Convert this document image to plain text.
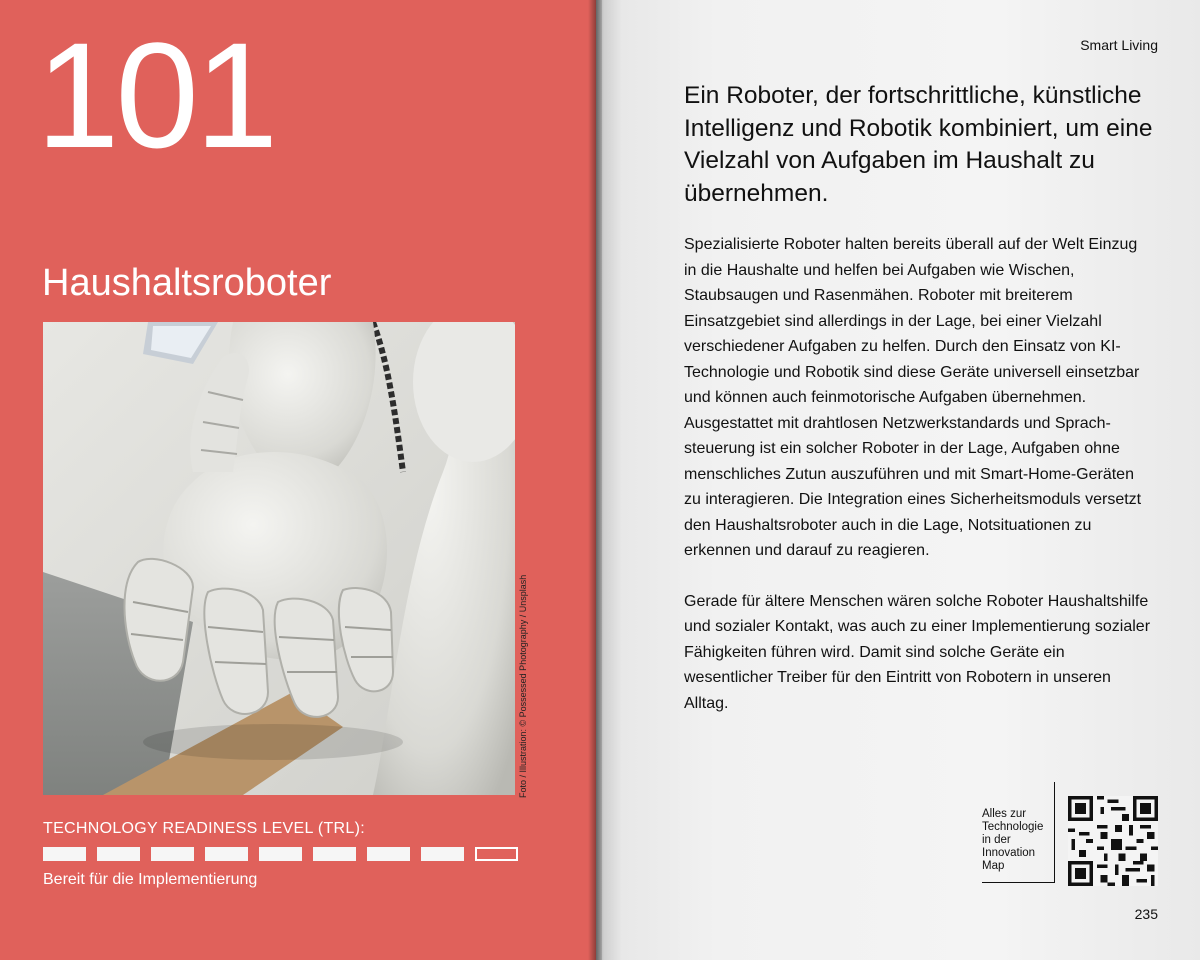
101
Haushaltsroboter
Foto / Illustration: © Possessed Photography / Unsplash
TECHNOLOGY READINESS LEVEL (TRL):
Bereit für die Implementierung
Smart Living
Ein Roboter, der fortschrittliche, künstliche Intelligenz und Robotik kombiniert, um eine Vielzahl von Aufgaben im Haushalt zu übernehmen.

Spezialisierte Roboter halten bereits überall auf der Welt Einzug in die Haushalte und helfen bei Aufgaben wie Wischen, Staubsaugen und Rasenmähen. Roboter mit breiterem Einsatzgebiet sind allerdings in der Lage, bei einer Vielzahl verschiedener Aufgaben zu helfen. Durch den Einsatz von KI-Technologie und Robotik sind diese Geräte universell einsetzbar und können auch feinmotorische Aufgaben übernehmen. Ausgestattet mit drahtlosen Netzwerkstandards und Sprach-steuerung ist ein solcher Roboter in der Lage, Aufgaben ohne menschliches Zutun auszuführen und mit Smart-Home-Geräten zu interagieren. Die Integration eines Sicherheitsmoduls versetzt den Haushaltsroboter auch in die Lage, Notsituationen zu erkennen und darauf zu reagieren.

Gerade für ältere Menschen wären solche Roboter Haushaltshilfe und sozialer Kontakt, was auch zu einer Implementierung sozialer Fähigkeiten führen wird. Damit sind solche Geräte ein wesentlicher Treiber für den Eintritt von Robotern in unseren Alltag.

Alles zur Technologie in der Innovation Map
235
